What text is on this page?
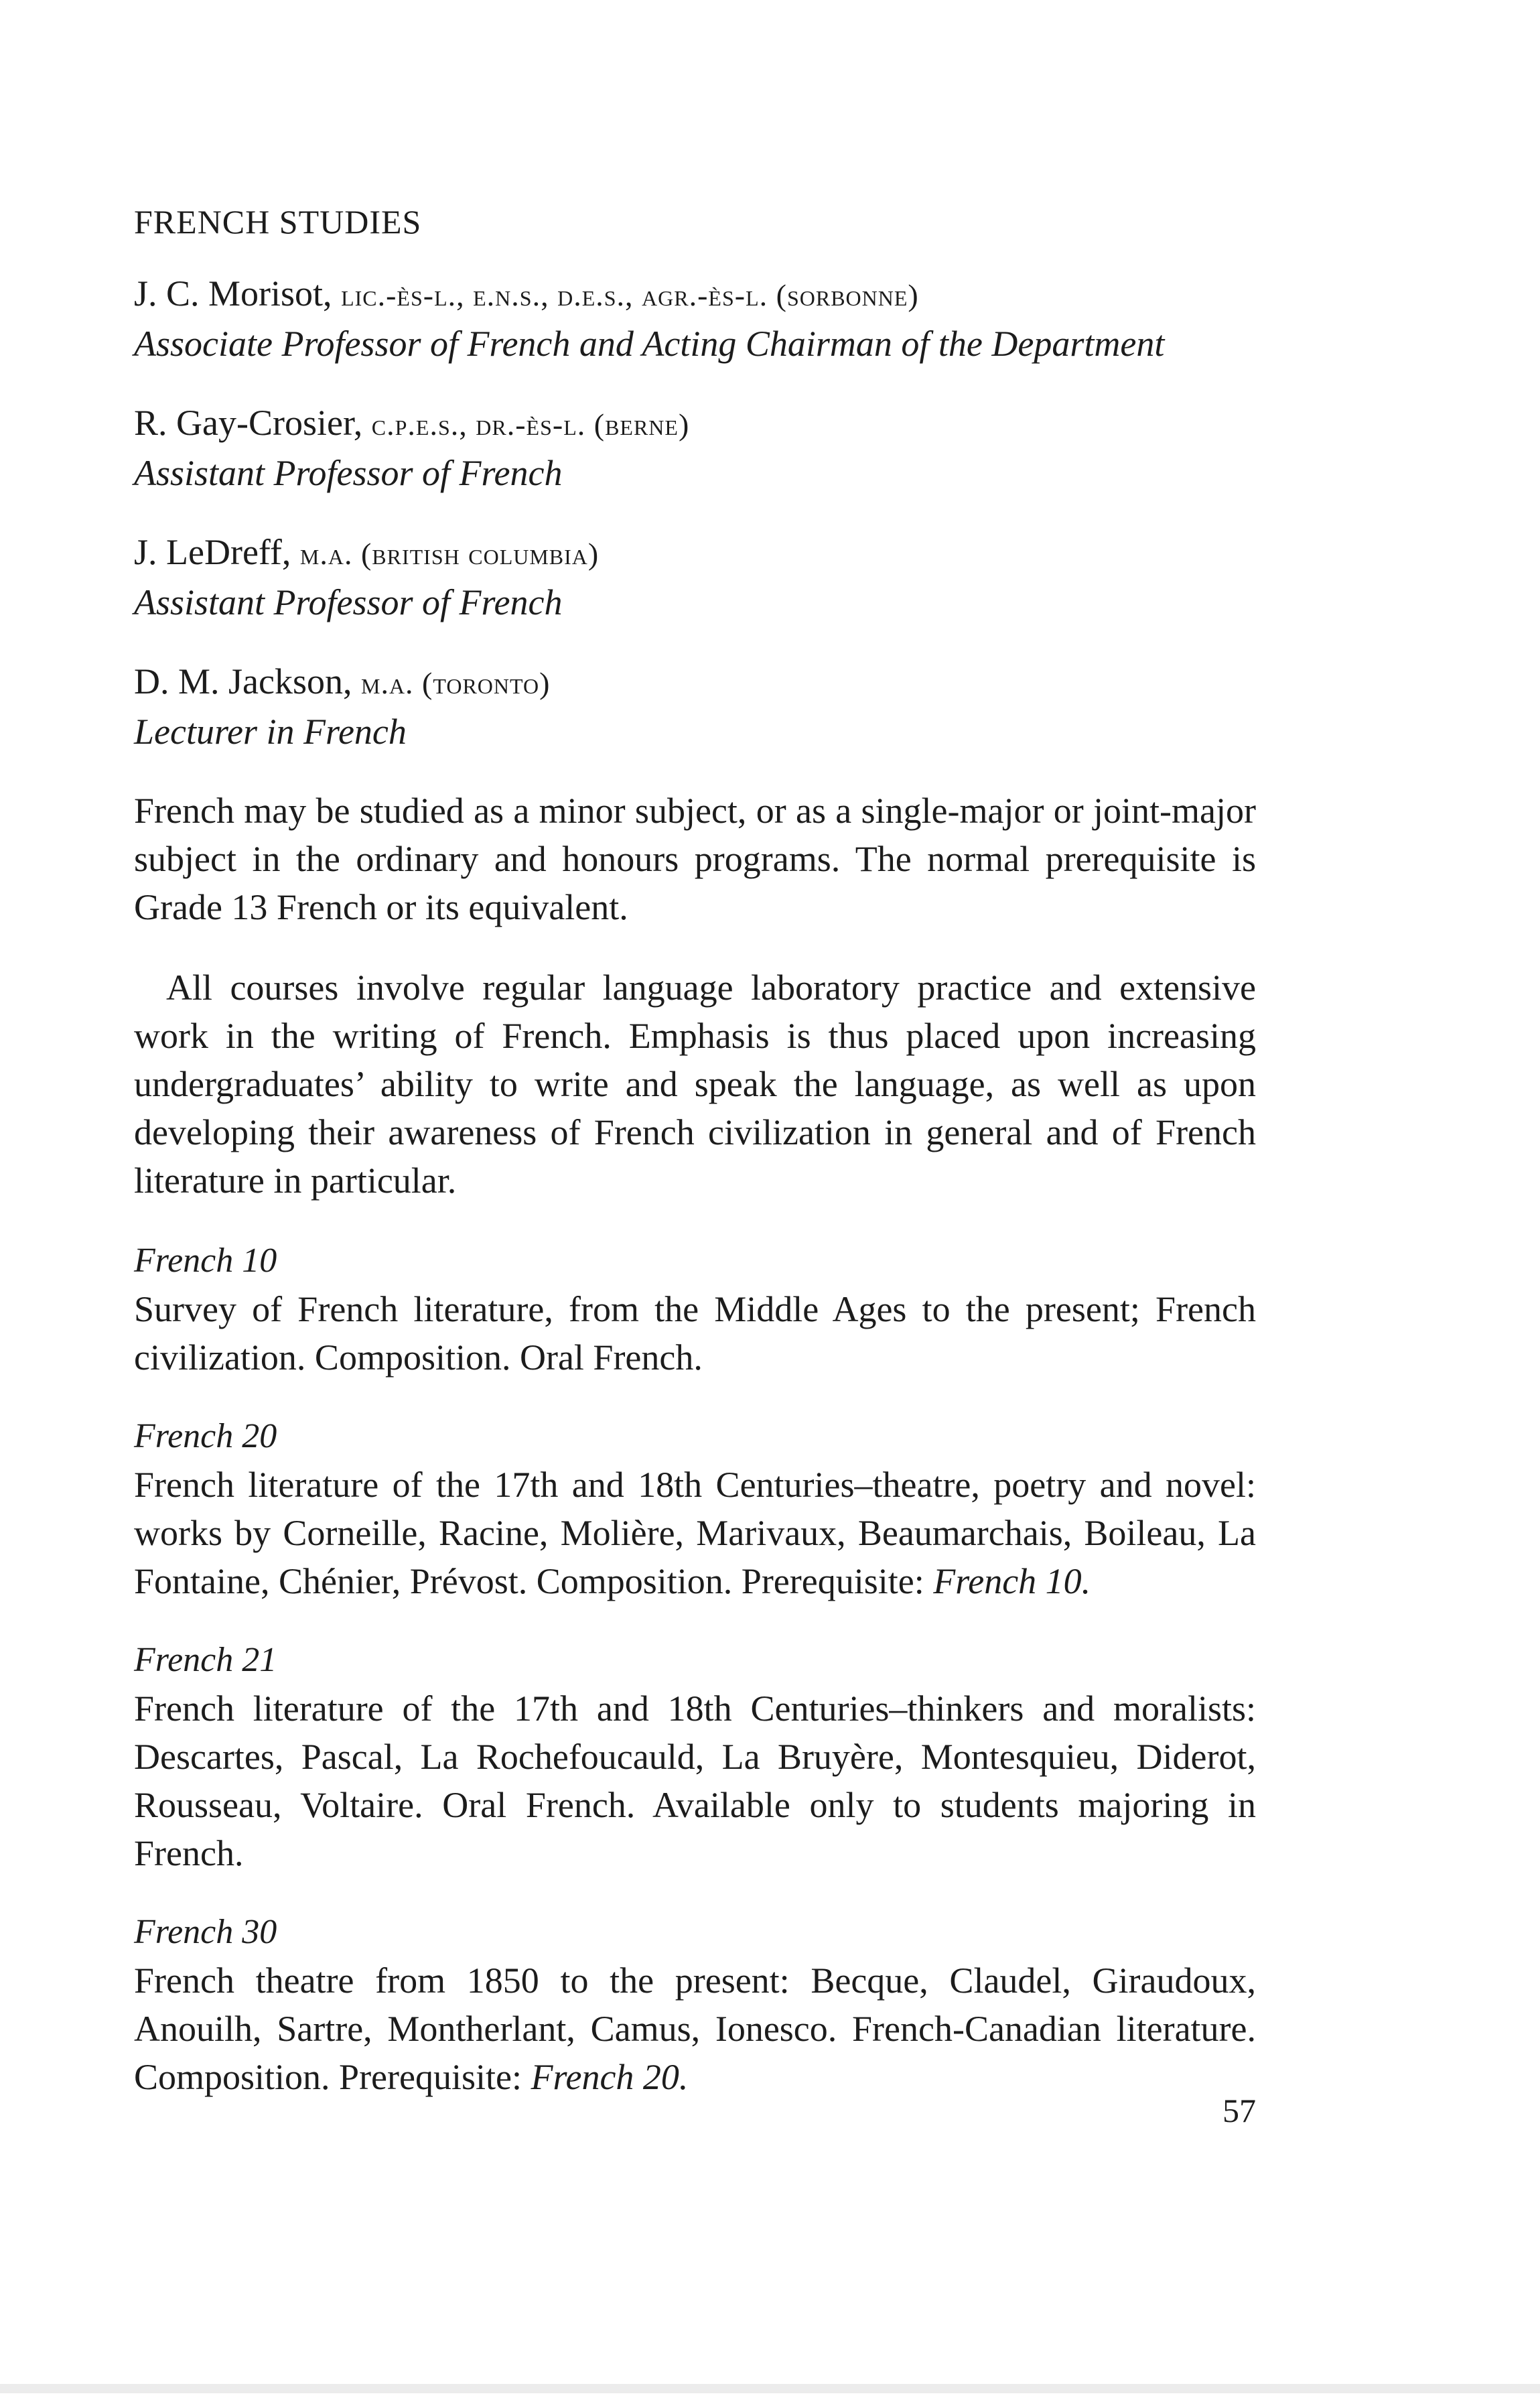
FRENCH STUDIES
J. C. Morisot, lic.-ès-l., e.n.s., d.e.s., agr.-ès-l. (sorbonne)
Associate Professor of French and Acting Chairman of the Department
R. Gay-Crosier, c.p.e.s., dr.-ès-l. (berne)
Assistant Professor of French
J. LeDreff, m.a. (british columbia)
Assistant Professor of French
D. M. Jackson, m.a. (toronto)
Lecturer in French

French may be studied as a minor subject, or as a single-major or joint-major subject in the ordinary and honours programs. The normal prerequisite is Grade 13 French or its equivalent.

All courses involve regular language laboratory practice and extensive work in the writing of French. Emphasis is thus placed upon increasing undergraduates’ ability to write and speak the language, as well as upon developing their awareness of French civilization in general and of French literature in particular.

French 10
Survey of French literature, from the Middle Ages to the present; French civilization. Composition. Oral French.
French 20
French literature of the 17th and 18th Centuries–theatre, poetry and novel: works by Corneille, Racine, Molière, Marivaux, Beaumarchais, Boileau, La Fontaine, Chénier, Prévost. Composition. Prerequisite: French 10.
French 21
French literature of the 17th and 18th Centuries–thinkers and moralists: Descartes, Pascal, La Rochefoucauld, La Bruyère, Montesquieu, Diderot, Rousseau, Voltaire. Oral French. Available only to students majoring in French.
French 30
French theatre from 1850 to the present: Becque, Claudel, Giraudoux, Anouilh, Sartre, Montherlant, Camus, Ionesco. French-Canadian literature. Composition. Prerequisite: French 20.
57
